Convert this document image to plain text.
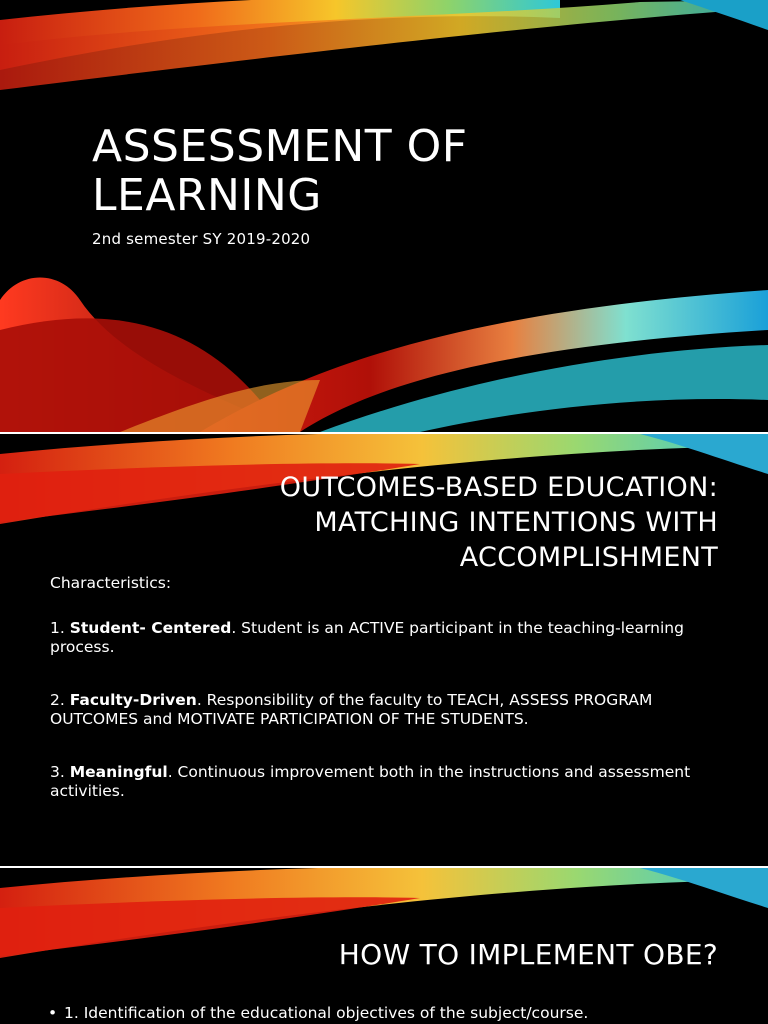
ASSESSMENT OF
LEARNING
2nd semester SY 2019-2020
OUTCOMES-BASED EDUCATION:
MATCHING INTENTIONS WITH
ACCOMPLISHMENT
Characteristics:
1. Student- Centered. Student is an ACTIVE participant in the teaching-learning process.
2. Faculty-Driven. Responsibility of the faculty to TEACH, ASSESS PROGRAM OUTCOMES and MOTIVATE PARTICIPATION OF THE STUDENTS.
3. Meaningful. Continuous improvement both in the instructions and assessment activities.
HOW TO IMPLEMENT OBE?
• 1. Identification of the educational objectives of the subject/course.
